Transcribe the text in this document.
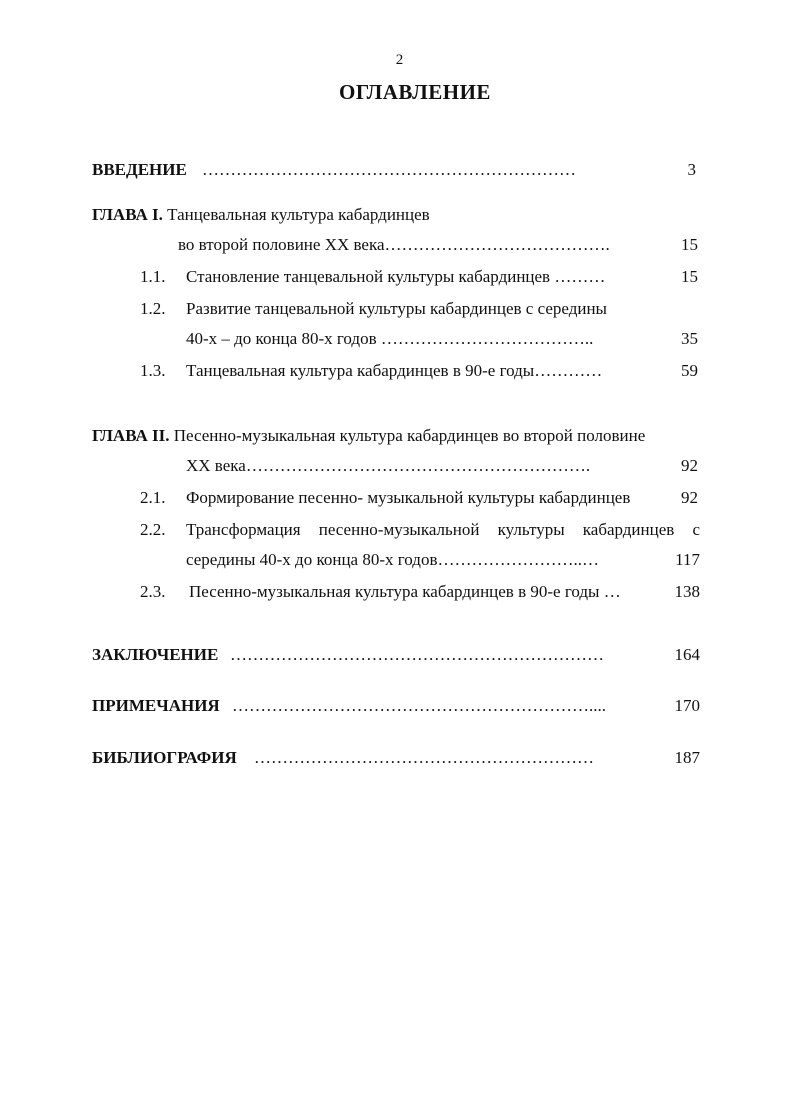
2
ОГЛАВЛЕНИЕ
ВВЕДЕНИЕ …………………………………………………………	3
ГЛАВА I. Танцевальная культура кабардинцев
во второй половине XX века………………………………….	15
1.1. Становление танцевальной культуры кабардинцев ………	15
1.2. Развитие танцевальной культуры кабардинцев с середины
40-х – до конца 80-х годов ………………………………..	35
1.3. Танцевальная культура кабардинцев в 90-е годы…………	59
ГЛАВА II. Песенно-музыкальная культура кабардинцев во второй половине
XX века…………………………………………………….	92
2.1. Формирование песенно- музыкальной культуры кабардинцев	92
2.2. Трансформация песенно-музыкальной культуры кабардинцев с
середины 40-х до конца 80-х годов……………………..…	117
2.3. Песенно-музыкальная культура кабардинцев в 90-е годы …	138
ЗАКЛЮЧЕНИЕ …………………………………………………………	164
ПРИМЕЧАНИЯ ………………………………………………………....	170
БИБЛИОГРАФИЯ ……………………………………………………	187
